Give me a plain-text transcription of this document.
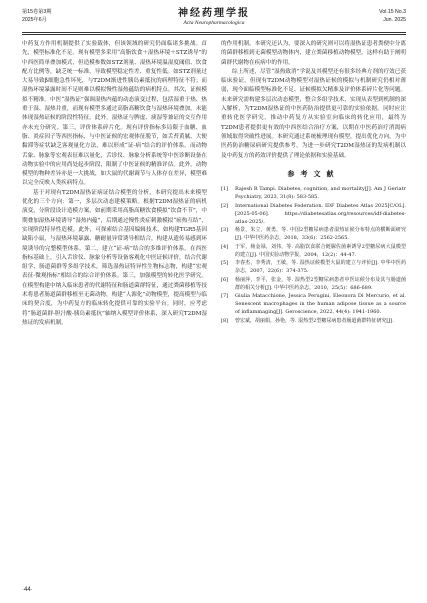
第15卷第3期
2025年6月
神经药理学报
Acta Neuropharmacologica
Vol.15 No.3
Jun. 2025

中药复方作用机制提供了实验载体，但该领域的研究仍面临诸多挑战。首先，模型标准化不足。现有模型多采用“高脂饮食＋湿热环境＋STZ诱导”的中西医简单叠加模式，但造模参数如STZ剂量、湿热环境温湿度阈值、饮食配方比例等，缺乏统一标准，导致模型稳定性差、重复性低。如STZ剂量过大易导致β细胞急性坏死，与T2DM渐进性胰岛素抵抗的病理特征不符；而湿热环境暴露时间不足则难以模拟慢性湿热蕴结的病机特点。其次，证候模拟不精准。中医“湿热证”强调湿热内蕴的动态演变过程，包括湿重于热、热重于湿、湿热并重，而现有模型多通过高脂高糖饮食与湿热环境叠加，未能体现湿热证候的阶段性特征。此外，湿热证与脾虚、痰湿等兼证的交互作用亦未充分研究。第三，评价体系碎片化。现有评价指标多局限于血糖、血脂、炎症因子等西医指标，与中医证候的宏观体征脱节，如舌苔黄腻、大便黏滞等症状缺乏客观量化方法，难以形成“证-病”结合的评价体系。而动物舌象、脉象等宏观表征难以量化，舌诊仪、脉象分析系统等中医诊断设备在动物实验中的应用尚处起步阶段，限制了中医证候的精准评估。此外，动物模型的物种差异亦是一大挑战，如大鼠的代谢调节与人体存在差异，模型难以完全反映人类疾病特点。

基于对现有T2DM湿热证病证结合模型的分析，本研究提出未来模型优化的三个方向：第一，多层次动态建模策略。根据T2DM湿热证的病机演变，分阶段设计造模方案，如前期采用高脂高糖饮食模拟“饮食不节”，中期叠加湿热环境诱导“湿热内蕴”，后期通过慢性炎症刺激模拟“瘀热互结”，实现阶段特异性造模。此外，可探索结合基因编辑技术，如构建TGR5基因缺陷小鼠，与湿热环境暴露、糖耐量异常诱导相结合，构建从遗传易感到环境诱导的完整模型体系。第二，建立“证-病”结合的多维评价体系。在西医指标基础上，引入舌诊仪、脉象分析等设备客观化中医证候评价，结合代谢组学、肠道菌群等多组学技术，筛选湿热证特异性生物标志物，构建“宏观表征-微观指标”相结合的综合评价体系。第三，加强模型的转化医学研究。在模型构建中纳入临床患者的代谢特征和肠道菌群特征，通过粪菌移植等技术将患者肠道菌群移植至无菌动物，构建“人源化”动物模型，提高模型与临床的契合度，为中药复方的临床转化提供可靠的实验平台。同时，应考虑将“肠道菌群-胆汁酸-胰岛素抵抗”轴纳入模型评价体系，深入研究T2DM湿热证的发病机制。

的作用机制。本研究还认为，要深入的研究则可以将湿热证患者粪便中分离的菌群移植到无菌模型动物体内，建立粪菌移植动物模型，这样有助于阐明菌群代谢物在疾病中的作用。

综上所述，尽管“湿热致消”学说及其模型还有很多经典方剂的疗效已获临床验证，但现有T2DM动物模型对湿热证候的模拟与机制研究仍相对薄弱，现今面临模型标准化不足、证候模拟欠精准及评价体系碎片化等问题。未来研究需构建多层次动态模型，整合多组学技术，实现从表型到机制的深入解析，为T2DM湿热证的中医药防治提供更可靠的实验依据。同时应注重转化医学研究，推动中药复方从实验室向临床的转化应用，最终为T2DM患者提供更有效的中西医结合治疗方案，以期在中医药治疗消渴病领域取得突破性进展。本研究通过系统梳理现有模型，提出优化方向，为中医药防治糖尿病研究提供参考，为进一步研究T2DM湿热证的发病机制以及中药复方的药效评价提供了理论依据和实验基础。

参考文献
[1]	Rajesh R Tampi. Diabetes, cognition, and mortality[J]. Am J Geriatr Psychiatry, 2023, 31(8): 583-585.
[2]	International Diabetes Federation. IDF Diabetes Atlas 2025[C/OL]. [2025-05-06]. https://diabetesatlas.org/resources/idf-diabetes-atlas-2025/.
[3]	杨景，朱立，黄勇，等. 中国2型糖尿病患者湿热证候分布特点的横断面研究[J]. 中华中医药杂志，2018，33(6)：2562-2565.
[4]	于军，杨金禄，刘伟，等. 高脂饮食联合链脲佐菌素诱导2型糖尿病大鼠模型的建立[J]. 中国实验动物学报，2004，12(2)：44-47.
[5]	李春杰，李秀清，王敏，等. 湿热证候模型大鼠的建立与评价[J]. 中华中医药杂志，2007，22(6)：374-375.
[6]	杨丽萍，李平，张金，等. 湿热型2型糖尿病患者中医证候分布及其与肠道菌群的相关分析[J]. 中华中医药杂志，2010，25(5)：686-689.
[7]	Giulia Matacchione, Jessica Perugini, Eleonora Di Mercurio, et al. Senescent macrophages in the human adipose tissue as a source of inflammaging[J]. Geroscience, 2022, 44(4): 1941-1960.
[8]	曾宏斌，胡丽娟，孙艳，等. 湿热型2型糖尿病患者肠道菌群特征研究[J].
·44·
